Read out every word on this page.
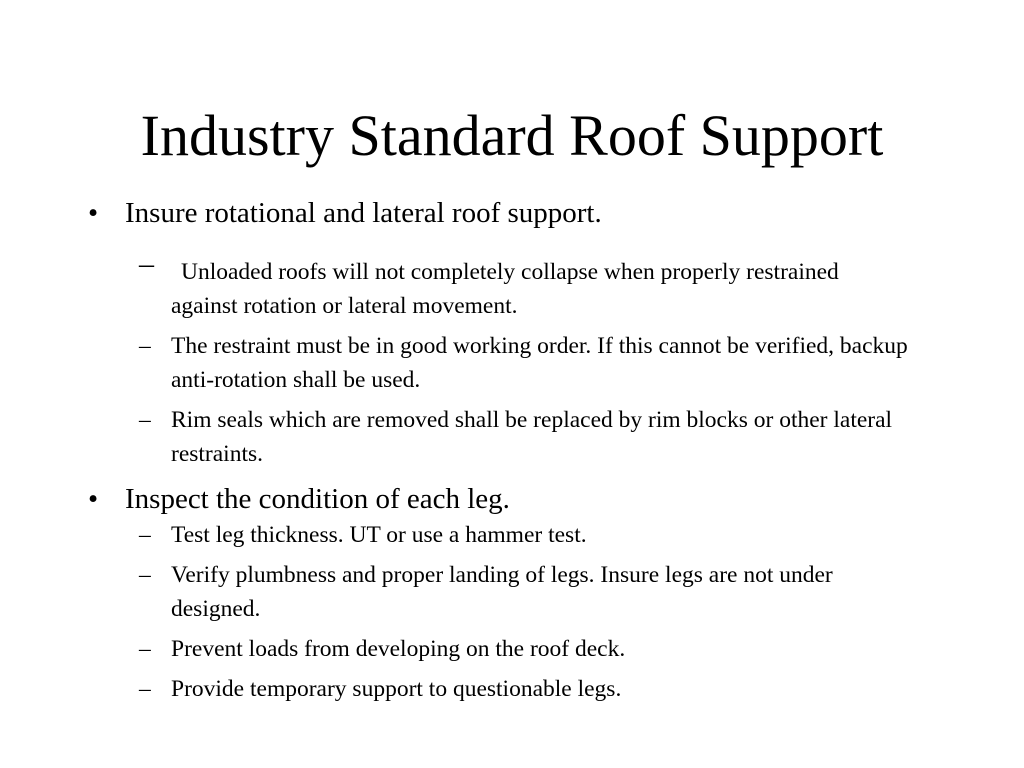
Industry Standard Roof Support
• Insure rotational and lateral roof support.
– Unloaded roofs will not completely collapse when properly restrained against rotation or lateral movement.
– The restraint must be in good working order. If this cannot be verified, backup anti-rotation shall be used.
– Rim seals which are removed shall be replaced by rim blocks or other lateral restraints.
• Inspect the condition of each leg.
– Test leg thickness. UT or use a hammer test.
– Verify plumbness and proper landing of legs. Insure legs are not under designed.
– Prevent loads from developing on the roof deck.
– Provide temporary support to questionable legs.
